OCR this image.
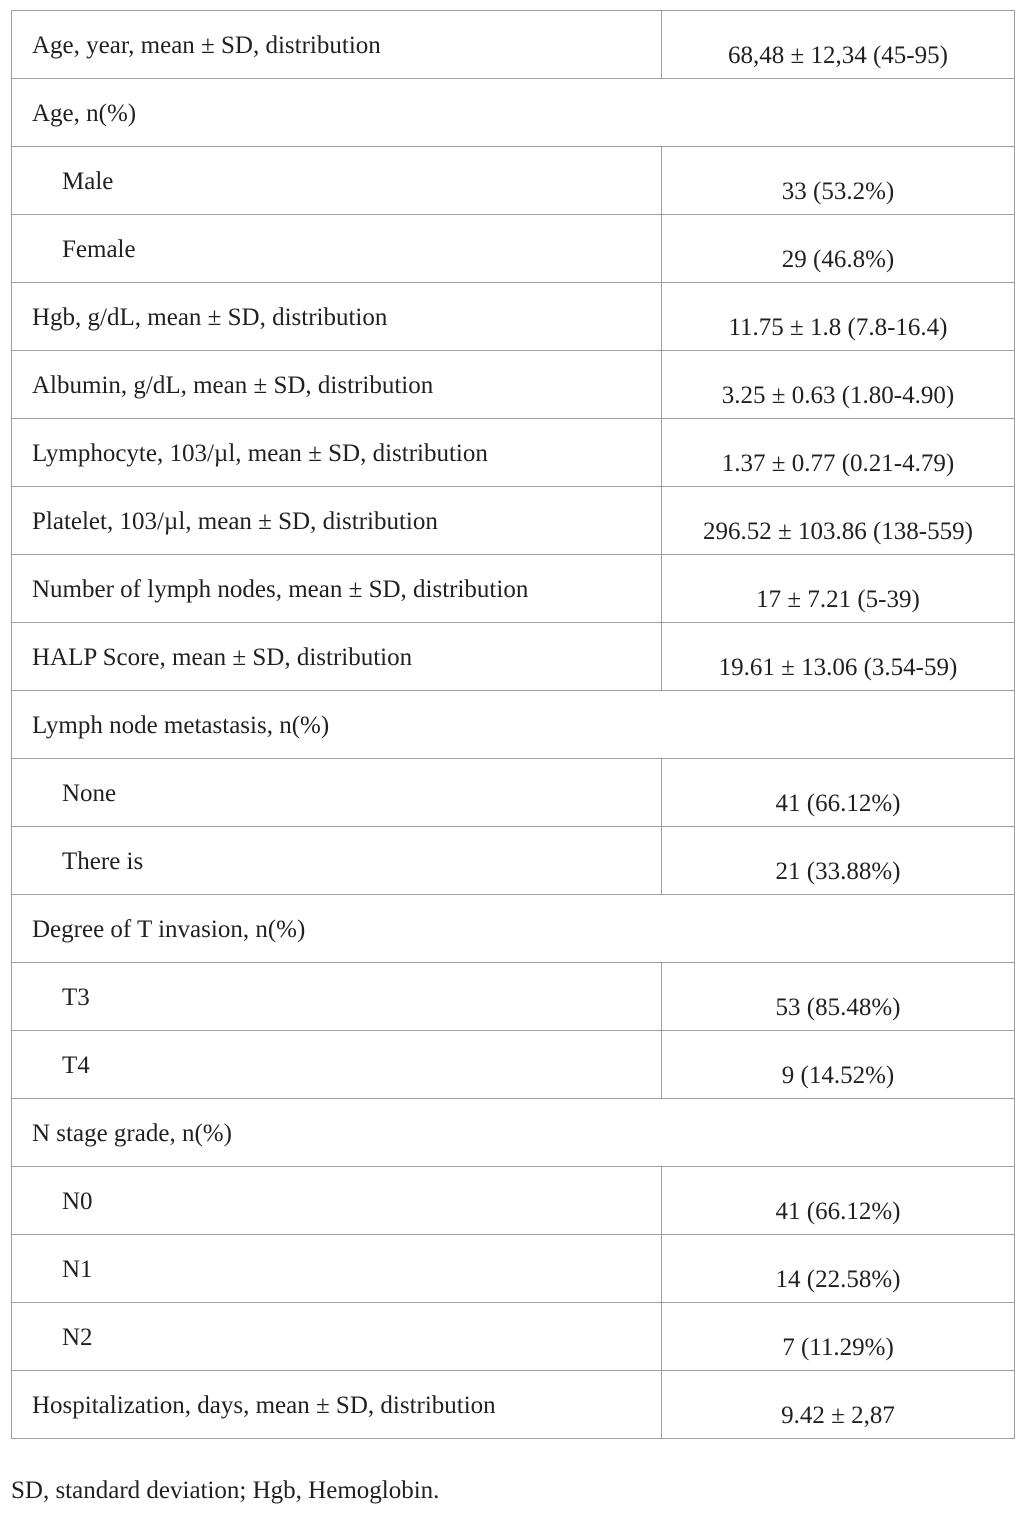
Age, year, mean ± SD, distribution	68,48 ± 12,34 (45-95)
Age, n(%)	
Male	33 (53.2%)
Female	29 (46.8%)
Hgb, g/dL, mean ± SD, distribution	11.75 ± 1.8 (7.8-16.4)
Albumin, g/dL, mean ± SD, distribution	3.25 ± 0.63 (1.80-4.90)
Lymphocyte, 103/µl, mean ± SD, distribution	1.37 ± 0.77 (0.21-4.79)
Platelet, 103/µl, mean ± SD, distribution	296.52 ± 103.86 (138-559)
Number of lymph nodes, mean ± SD, distribution	17 ± 7.21 (5-39)
HALP Score, mean ± SD, distribution	19.61 ± 13.06 (3.54-59)
Lymph node metastasis, n(%)	
None	41 (66.12%)
There is	21 (33.88%)
Degree of T invasion, n(%)	
T3	53 (85.48%)
T4	9 (14.52%)
N stage grade, n(%)	
N0	41 (66.12%)
N1	14 (22.58%)
N2	7 (11.29%)
Hospitalization, days, mean ± SD, distribution	9.42 ± 2,87
SD, standard deviation; Hgb, Hemoglobin.
